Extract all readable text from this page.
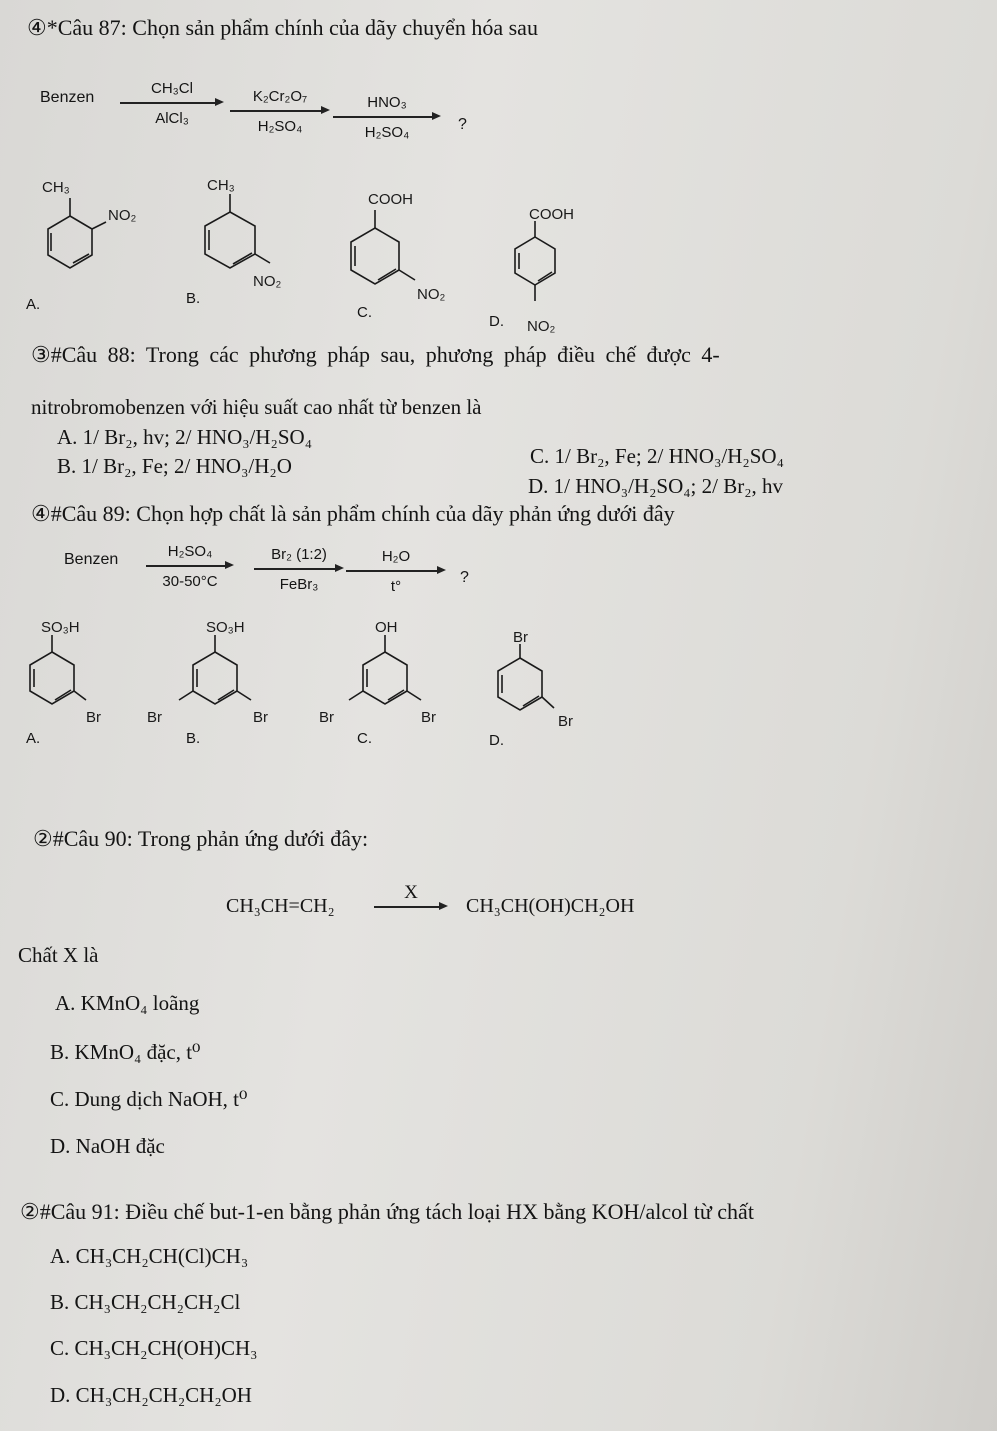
④*Câu 87: Chọn sản phẩm chính của dãy chuyển hóa sau
Benzen
CH₃Cl
AlCl₃
K₂Cr₂O₇
H₂SO₄
HNO₃
H₂SO₄	?
CH₃
NO₂
A.
CH₃
NO₂
B.
COOH
NO₂
C.
COOH
NO₂
D.
③#Câu 88: Trong các phương pháp sau, phương pháp điều chế được 4-
nitrobromobenzen với hiệu suất cao nhất từ benzen là
A. 1/ Br₂, hv; 2/ HNO₃/H₂SO₄
B. 1/ Br₂, Fe; 2/ HNO₃/H₂O	C. 1/ Br₂, Fe; 2/ HNO₃/H₂SO₄
D. 1/ HNO₃/H₂SO₄; 2/ Br₂, hv
④#Câu 89: Chọn hợp chất là sản phẩm chính của dãy phản ứng dưới đây
Benzen	H₂SO₄
30-50°C
Br₂ (1:2)
FeBr₃
H₂O
t°
?
SO₃H
Br
A.
SO₃H
Br	Br
B.
OH
Br	Br
C.
Br
Br
D.
②#Câu 90: Trong phản ứng dưới đây:
CH₃CH=CH₂
X
CH₃CH(OH)CH₂OH
Chất X là
A. KMnO₄ loãng
B. KMnO₄ đặc, t⁰
C. Dung dịch NaOH, t⁰
D. NaOH đặc
②#Câu 91: Điều chế but-1-en bằng phản ứng tách loại HX bằng KOH/alcol từ chất
A. CH₃CH₂CH(Cl)CH₃
B. CH₃CH₂CH₂CH₂Cl
C. CH₃CH₂CH(OH)CH₃
D. CH₃CH₂CH₂CH₂OH
